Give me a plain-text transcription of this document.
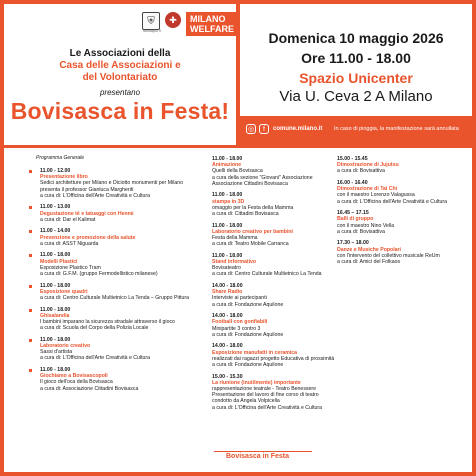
⛨	✚	MILANO
WELFARE
Municipio 9
Le Associazioni della
Casa delle Associazioni e
del Volontariato
presentano
Bovisasca in Festa!
Domenica 10 maggio 2026
Ore 11.00 - 18.00
Spazio Unicenter
Via U. Ceva 2 A Milano
◎	f	comune.milano.it In caso di pioggia, la manifestazione sarà annullata
Programma Generale
11.00 - 12.00
Presentazione libro
Sedici architetture per Milano e Diciotto monumenti per Milano
presenta il professor Gianluca Margheriti
a cura di: L'Officina dell'Arte Creatività e Cultura
11.00 - 13.00
Degustazione tè e tatuaggi con Hennè
a cura di: Dar el Kalimat
11.00 - 14.00
Prevenzione e promozione della salute
a cura di: ASST Niguarda
11.00 - 18.00
Modelli Plastici
Esposizione Plastico Tram
a cura di: G.F.M. (gruppo Fermodellistico milanese)
11.00 - 18.00
Esposizione quadri
a cura di: Centro Culturale Multietnico La Tenda – Gruppo Pittura
11.00 - 18.00
Ghisalandia
I bambini imparano la sicurezza stradale attraverso il gioco
a cura di: Scuola del Corpo della Polizia Locale
11.00 - 18.00
Laboratorio creativo
Sassi d'artista
a cura di: L'Officina dell'Arte Creatività e Cultura
11.00 - 18.00
Giochiamo a Bovisascopoli
Il gioco dell'oca della Bovisasca
a cura di: Associazione Cittadini Bovisasca
11.00 - 18.00
Animazione
Quelli della Bovisasca
a cura della sezione "Giovani" Associazione
Associazione Cittadini Bovisasca
11.00 - 18.00
stampa in 3D
omaggio per la Festa della Mamma
a cura di: Cittadini Bovisasca
11.00 - 18.00
Laboratorio creativo per bambini
Festa della Mamma
a cura di: Teatro Mobile Carranca
11.00 - 18.00
Stand informativo
Bovisateatro
a cura di: Centro Culturale Multietnico La Tenda
14.00 - 18.00
Share Radio
Interviste ai partecipanti
a cura di: Fondazione Aquilone
14.00 - 18.00
Football con gonfiabili
Minipartite 3 contro 3
a cura di: Fondazione Aquilone
14.00 - 18.00
Esposizione manufatti in ceramica
realizzati dai ragazzi progetto Educativa di prossimità
a cura di: Fondazione Aquilone
15.00 - 15.30
La riunione (inutilmente) importante
rappresentazione teatrale - Teatro Benessere
Presentazione del lavoro di fine corso di teatro condotto da Angela Volpicella
a cura di: L'Officina dell'Arte Creatività e Cultura
15.00 - 15.45
Dimostrazione di Jujutsu
a cura di: Bovisattiva
16.00 - 16.40
Dimostrazione di Tai Chi
con il maestro Lorenzo Valagussa
a cura di: L'Officina dell'Arte Creatività e Cultura
16.45 – 17.15
Balli di gruppo
con il maestro Nino Vella
a cura di: Bovisattiva
17.30 – 18.00
Danze e Musiche Popolari
con l'intervento del collettivo musicale ReUm
a cura di: Amici del Folkaos
Bovisasca in Festa
